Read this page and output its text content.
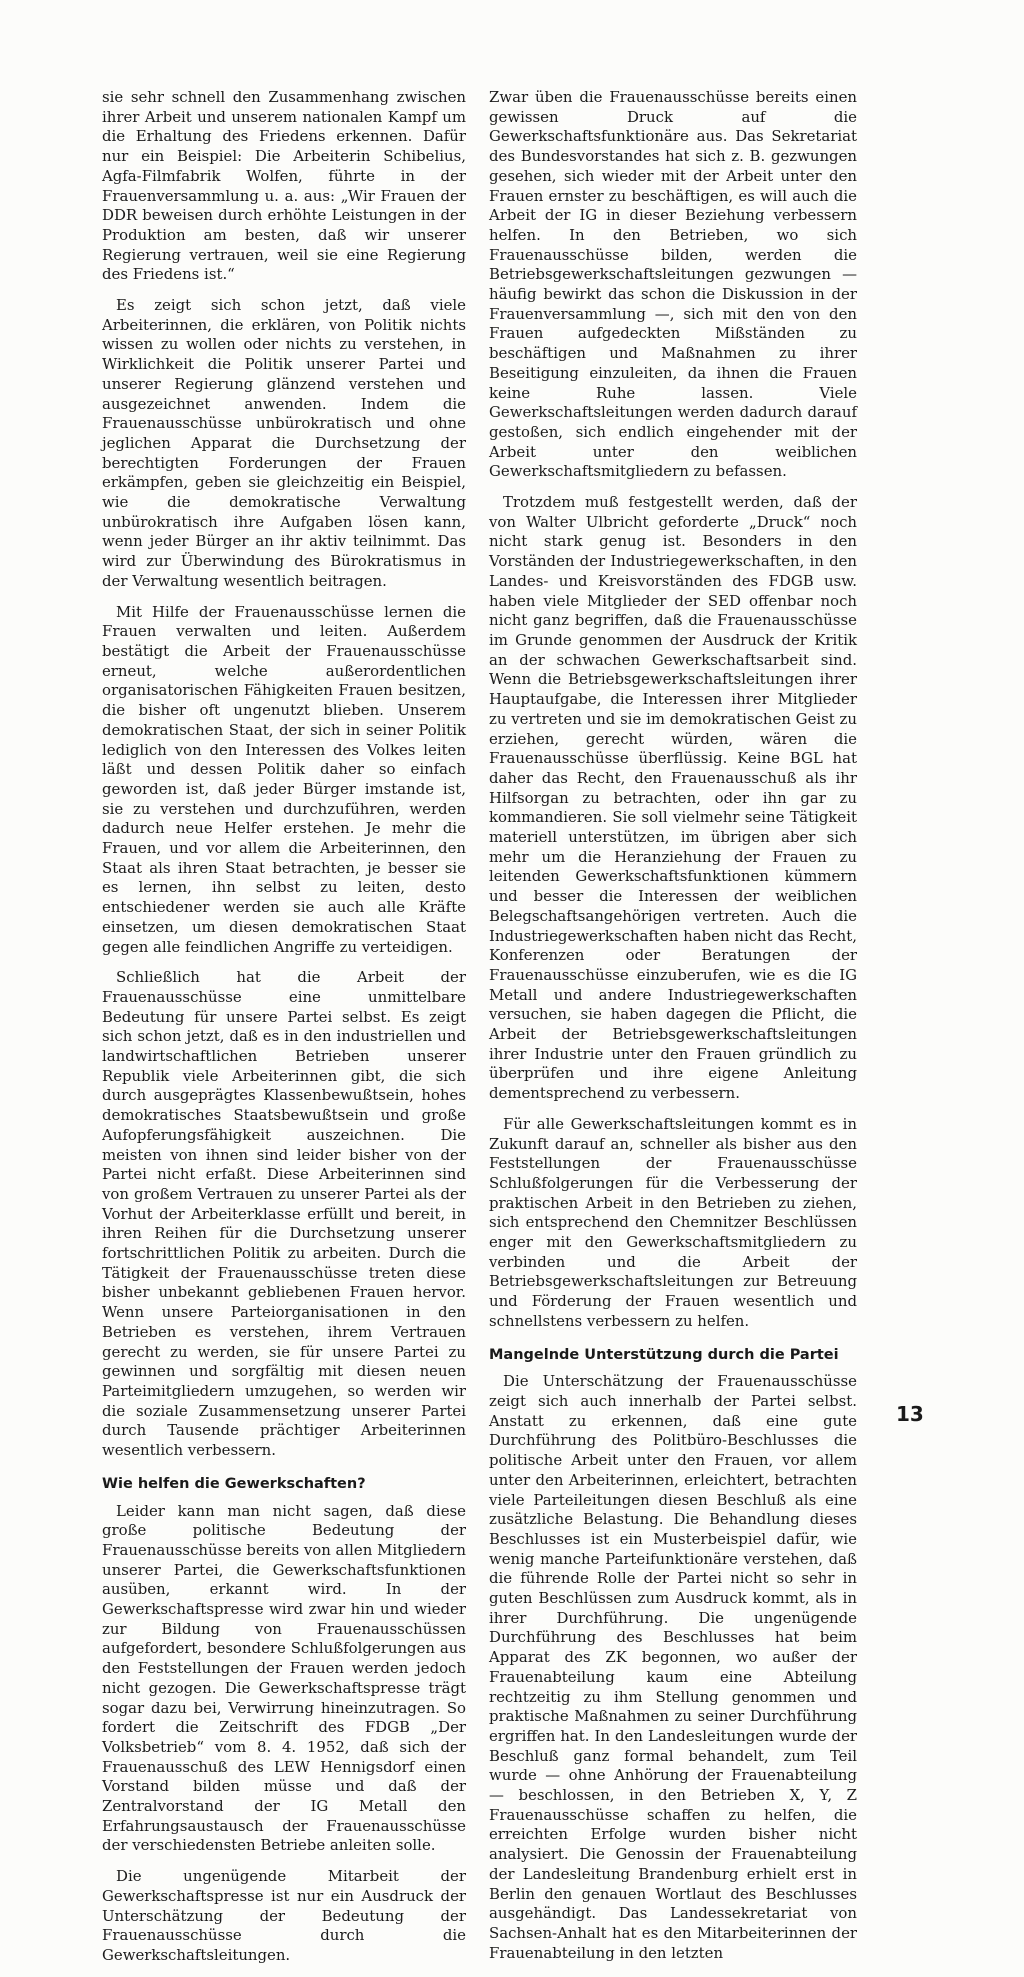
sie sehr schnell den Zusammenhang zwischen ihrer Arbeit und unserem nationalen Kampf um die Erhaltung des Friedens erkennen. Dafür nur ein Beispiel: Die Arbeiterin Schibelius, Agfa-Filmfabrik Wolfen, führte in der Frauenversammlung u. a. aus: „Wir Frauen der DDR beweisen durch erhöhte Leistungen in der Produktion am besten, daß wir unserer Regierung vertrauen, weil sie eine Regierung des Friedens ist.“

Es zeigt sich schon jetzt, daß viele Arbeiterinnen, die erklären, von Politik nichts wissen zu wollen oder nichts zu verstehen, in Wirklichkeit die Politik unserer Partei und unserer Regierung glänzend verstehen und ausgezeichnet anwenden. Indem die Frauenausschüsse unbürokratisch und ohne jeglichen Apparat die Durchsetzung der berechtigten Forderungen der Frauen erkämpfen, geben sie gleichzeitig ein Beispiel, wie die demokratische Verwaltung unbürokratisch ihre Aufgaben lösen kann, wenn jeder Bürger an ihr aktiv teilnimmt. Das wird zur Überwindung des Bürokratismus in der Verwaltung wesentlich beitragen.

Mit Hilfe der Frauenausschüsse lernen die Frauen verwalten und leiten. Außerdem bestätigt die Arbeit der Frauenausschüsse erneut, welche außerordentlichen organisatorischen Fähigkeiten Frauen besitzen, die bisher oft ungenutzt blieben. Unserem demokratischen Staat, der sich in seiner Politik lediglich von den Interessen des Volkes leiten läßt und dessen Politik daher so einfach geworden ist, daß jeder Bürger imstande ist, sie zu verstehen und durchzuführen, werden dadurch neue Helfer erstehen. Je mehr die Frauen, und vor allem die Arbeiterinnen, den Staat als ihren Staat betrachten, je besser sie es lernen, ihn selbst zu leiten, desto entschiedener werden sie auch alle Kräfte einsetzen, um diesen demokratischen Staat gegen alle feindlichen Angriffe zu verteidigen.

Schließlich hat die Arbeit der Frauenausschüsse eine unmittelbare Bedeutung für unsere Partei selbst. Es zeigt sich schon jetzt, daß es in den industriellen und landwirtschaftlichen Betrieben unserer Republik viele Arbeiterinnen gibt, die sich durch ausgeprägtes Klassenbewußtsein, hohes demokratisches Staatsbewußtsein und große Aufopferungsfähigkeit auszeichnen. Die meisten von ihnen sind leider bisher von der Partei nicht erfaßt. Diese Arbeiterinnen sind von großem Vertrauen zu unserer Partei als der Vorhut der Arbeiterklasse erfüllt und bereit, in ihren Reihen für die Durchsetzung unserer fortschrittlichen Politik zu arbeiten. Durch die Tätigkeit der Frauenausschüsse treten diese bisher unbekannt gebliebenen Frauen hervor. Wenn unsere Parteiorganisationen in den Betrieben es verstehen, ihrem Vertrauen gerecht zu werden, sie für unsere Partei zu gewinnen und sorgfältig mit diesen neuen Parteimitgliedern umzugehen, so werden wir die soziale Zusammensetzung unserer Partei durch Tausende prächtiger Arbeiterinnen wesentlich verbessern.

Wie helfen die Gewerkschaften?

Leider kann man nicht sagen, daß diese große politische Bedeutung der Frauenausschüsse bereits von allen Mitgliedern unserer Partei, die Gewerkschaftsfunktionen ausüben, erkannt wird. In der Gewerkschaftspresse wird zwar hin und wieder zur Bildung von Frauenausschüssen aufgefordert, besondere Schlußfolgerungen aus den Feststellungen der Frauen werden jedoch nicht gezogen. Die Gewerkschaftspresse trägt sogar dazu bei, Verwirrung hineinzutragen. So fordert die Zeitschrift des FDGB „Der Volksbetrieb“ vom 8. 4. 1952, daß sich der Frauenausschuß des LEW Hennigsdorf einen Vorstand bilden müsse und daß der Zentralvorstand der IG Metall den Erfahrungsaustausch der Frauenausschüsse der verschiedensten Betriebe anleiten solle.

Die ungenügende Mitarbeit der Gewerkschaftspresse ist nur ein Ausdruck der Unterschätzung der Bedeutung der Frauenausschüsse durch die Gewerkschaftsleitungen.

Zwar üben die Frauenausschüsse bereits einen gewissen Druck auf die Gewerkschaftsfunktionäre aus. Das Sekretariat des Bundesvorstandes hat sich z. B. gezwungen gesehen, sich wieder mit der Arbeit unter den Frauen ernster zu beschäftigen, es will auch die Arbeit der IG in dieser Beziehung verbessern helfen. In den Betrieben, wo sich Frauenausschüsse bilden, werden die Betriebsgewerkschaftsleitungen gezwungen — häufig bewirkt das schon die Diskussion in der Frauenversammlung —, sich mit den von den Frauen aufgedeckten Mißständen zu beschäftigen und Maßnahmen zu ihrer Beseitigung einzuleiten, da ihnen die Frauen keine Ruhe lassen. Viele Gewerkschaftsleitungen werden dadurch darauf gestoßen, sich endlich eingehender mit der Arbeit unter den weiblichen Gewerkschaftsmitgliedern zu befassen.

Trotzdem muß festgestellt werden, daß der von Walter Ulbricht geforderte „Druck“ noch nicht stark genug ist. Besonders in den Vorständen der Industriegewerkschaften, in den Landes- und Kreisvorständen des FDGB usw. haben viele Mitglieder der SED offenbar noch nicht ganz begriffen, daß die Frauenausschüsse im Grunde genommen der Ausdruck der Kritik an der schwachen Gewerkschaftsarbeit sind. Wenn die Betriebsgewerkschaftsleitungen ihrer Hauptaufgabe, die Interessen ihrer Mitglieder zu vertreten und sie im demokratischen Geist zu erziehen, gerecht würden, wären die Frauenausschüsse überflüssig. Keine BGL hat daher das Recht, den Frauenausschuß als ihr Hilfsorgan zu betrachten, oder ihn gar zu kommandieren. Sie soll vielmehr seine Tätigkeit materiell unterstützen, im übrigen aber sich mehr um die Heranziehung der Frauen zu leitenden Gewerkschaftsfunktionen kümmern und besser die Interessen der weiblichen Belegschaftsangehörigen vertreten. Auch die Industriegewerkschaften haben nicht das Recht, Konferenzen oder Beratungen der Frauenausschüsse einzuberufen, wie es die IG Metall und andere Industriegewerkschaften versuchen, sie haben dagegen die Pflicht, die Arbeit der Betriebsgewerkschaftsleitungen ihrer Industrie unter den Frauen gründlich zu überprüfen und ihre eigene Anleitung dementsprechend zu verbessern.

Für alle Gewerkschaftsleitungen kommt es in Zukunft darauf an, schneller als bisher aus den Feststellungen der Frauenausschüsse Schlußfolgerungen für die Verbesserung der praktischen Arbeit in den Betrieben zu ziehen, sich entsprechend den Chemnitzer Beschlüssen enger mit den Gewerkschaftsmitgliedern zu verbinden und die Arbeit der Betriebsgewerkschaftsleitungen zur Betreuung und Förderung der Frauen wesentlich und schnellstens verbessern zu helfen.

Mangelnde Unterstützung durch die Partei

Die Unterschätzung der Frauenausschüsse zeigt sich auch innerhalb der Partei selbst. Anstatt zu erkennen, daß eine gute Durchführung des Politbüro-Beschlusses die politische Arbeit unter den Frauen, vor allem unter den Arbeiterinnen, erleichtert, betrachten viele Parteileitungen diesen Beschluß als eine zusätzliche Belastung. Die Behandlung dieses Beschlusses ist ein Musterbeispiel dafür, wie wenig manche Parteifunktionäre verstehen, daß die führende Rolle der Partei nicht so sehr in guten Beschlüssen zum Ausdruck kommt, als in ihrer Durchführung. Die ungenügende Durchführung des Beschlusses hat beim Apparat des ZK begonnen, wo außer der Frauenabteilung kaum eine Abteilung rechtzeitig zu ihm Stellung genommen und praktische Maßnahmen zu seiner Durchführung ergriffen hat. In den Landesleitungen wurde der Beschluß ganz formal behandelt, zum Teil wurde — ohne Anhörung der Frauenabteilung — beschlossen, in den Betrieben X, Y, Z Frauenausschüsse schaffen zu helfen, die erreichten Erfolge wurden bisher nicht analysiert. Die Genossin der Frauenabteilung der Landesleitung Brandenburg erhielt erst in Berlin den genauen Wortlaut des Beschlusses ausgehändigt. Das Landessekretariat von Sachsen-Anhalt hat es den Mitarbeiterinnen der Frauenabteilung in den letzten

13
